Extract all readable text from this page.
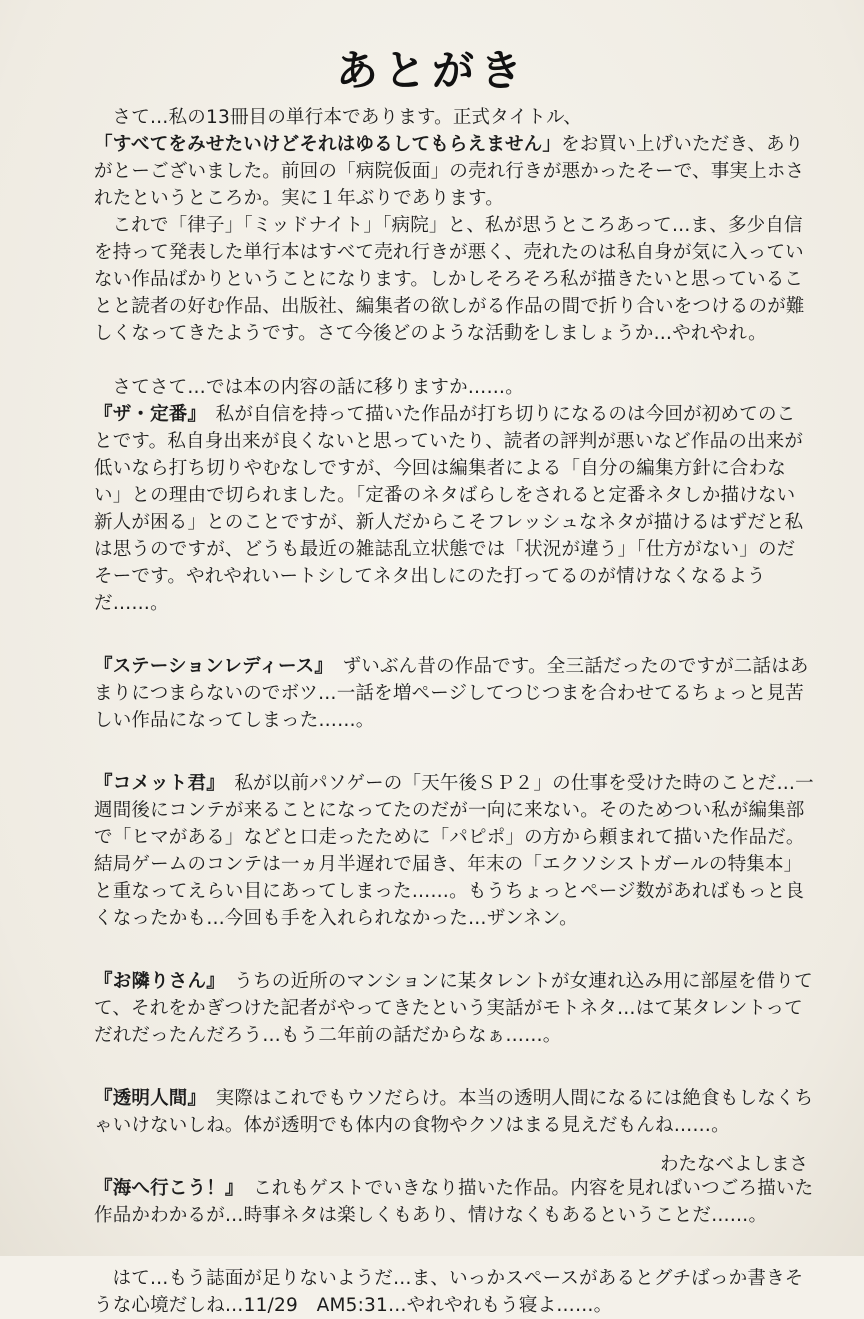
あとがき

さて…私の13冊目の単行本であります。正式タイトル、

「すべてをみせたいけどそれはゆるしてもらえません」をお買い上げいただき、ありがとーございました。前回の「病院仮面」の売れ行きが悪かったそーで、事実上ホされたというところか。実に１年ぶりであります。

これで「律子」「ミッドナイト」「病院」と、私が思うところあって…ま、多少自信を持って発表した単行本はすべて売れ行きが悪く、売れたのは私自身が気に入っていない作品ばかりということになります。しかしそろそろ私が描きたいと思っていることと読者の好む作品、出版社、編集者の欲しがる作品の間で折り合いをつけるのが難しくなってきたようです。さて今後どのような活動をしましょうか…やれやれ。

さてさて…では本の内容の話に移りますか……。

『ザ・定番』　 私が自信を持って描いた作品が打ち切りになるのは今回が初めてのことです。私自身出来が良くないと思っていたり、読者の評判が悪いなど作品の出来が低いなら打ち切りやむなしですが、今回は編集者による「自分の編集方針に合わない」との理由で切られました。「定番のネタばらしをされると定番ネタしか描けない新人が困る」とのことですが、新人だからこそフレッシュなネタが描けるはずだと私は思うのですが、どうも最近の雑誌乱立状態では「状況が違う」「仕方がない」のだそーです。やれやれいートシしてネタ出しにのた打ってるのが情けなくなるようだ……。

『ステーションレディース』　 ずいぶん昔の作品です。全三話だったのですが二話はあまりにつまらないのでボツ…一話を増ページしてつじつまを合わせてるちょっと見苦しい作品になってしまった……。

『コメット君』　 私が以前パソゲーの「天午後ＳＰ２」の仕事を受けた時のことだ…一週間後にコンテが来ることになってたのだが一向に来ない。そのためつい私が編集部で「ヒマがある」などと口走ったために「パピポ」の方から頼まれて描いた作品だ。結局ゲームのコンテは一ヵ月半遅れで届き、年末の「エクソシストガールの特集本」と重なってえらい目にあってしまった……。もうちょっとページ数があればもっと良くなったかも…今回も手を入れられなかった…ザンネン。

『お隣りさん』　 うちの近所のマンションに某タレントが女連れ込み用に部屋を借りてて、それをかぎつけた記者がやってきたという実話がモトネタ…はて某タレントってだれだったんだろう…もう二年前の話だからなぁ……。

『透明人間』　 実際はこれでもウソだらけ。本当の透明人間になるには絶食もしなくちゃいけないしね。体が透明でも体内の食物やクソはまる見えだもんね……。

『海へ行こう！』　 これもゲストでいきなり描いた作品。内容を見ればいつごろ描いた作品かわかるが…時事ネタは楽しくもあり、情けなくもあるということだ……。

はて…もう誌面が足りないようだ…ま、いっかスペースがあるとグチばっか書きそうな心境だしね…11/29　AM5:31…やれやれもう寝よ……。

わたなべよしまさ
